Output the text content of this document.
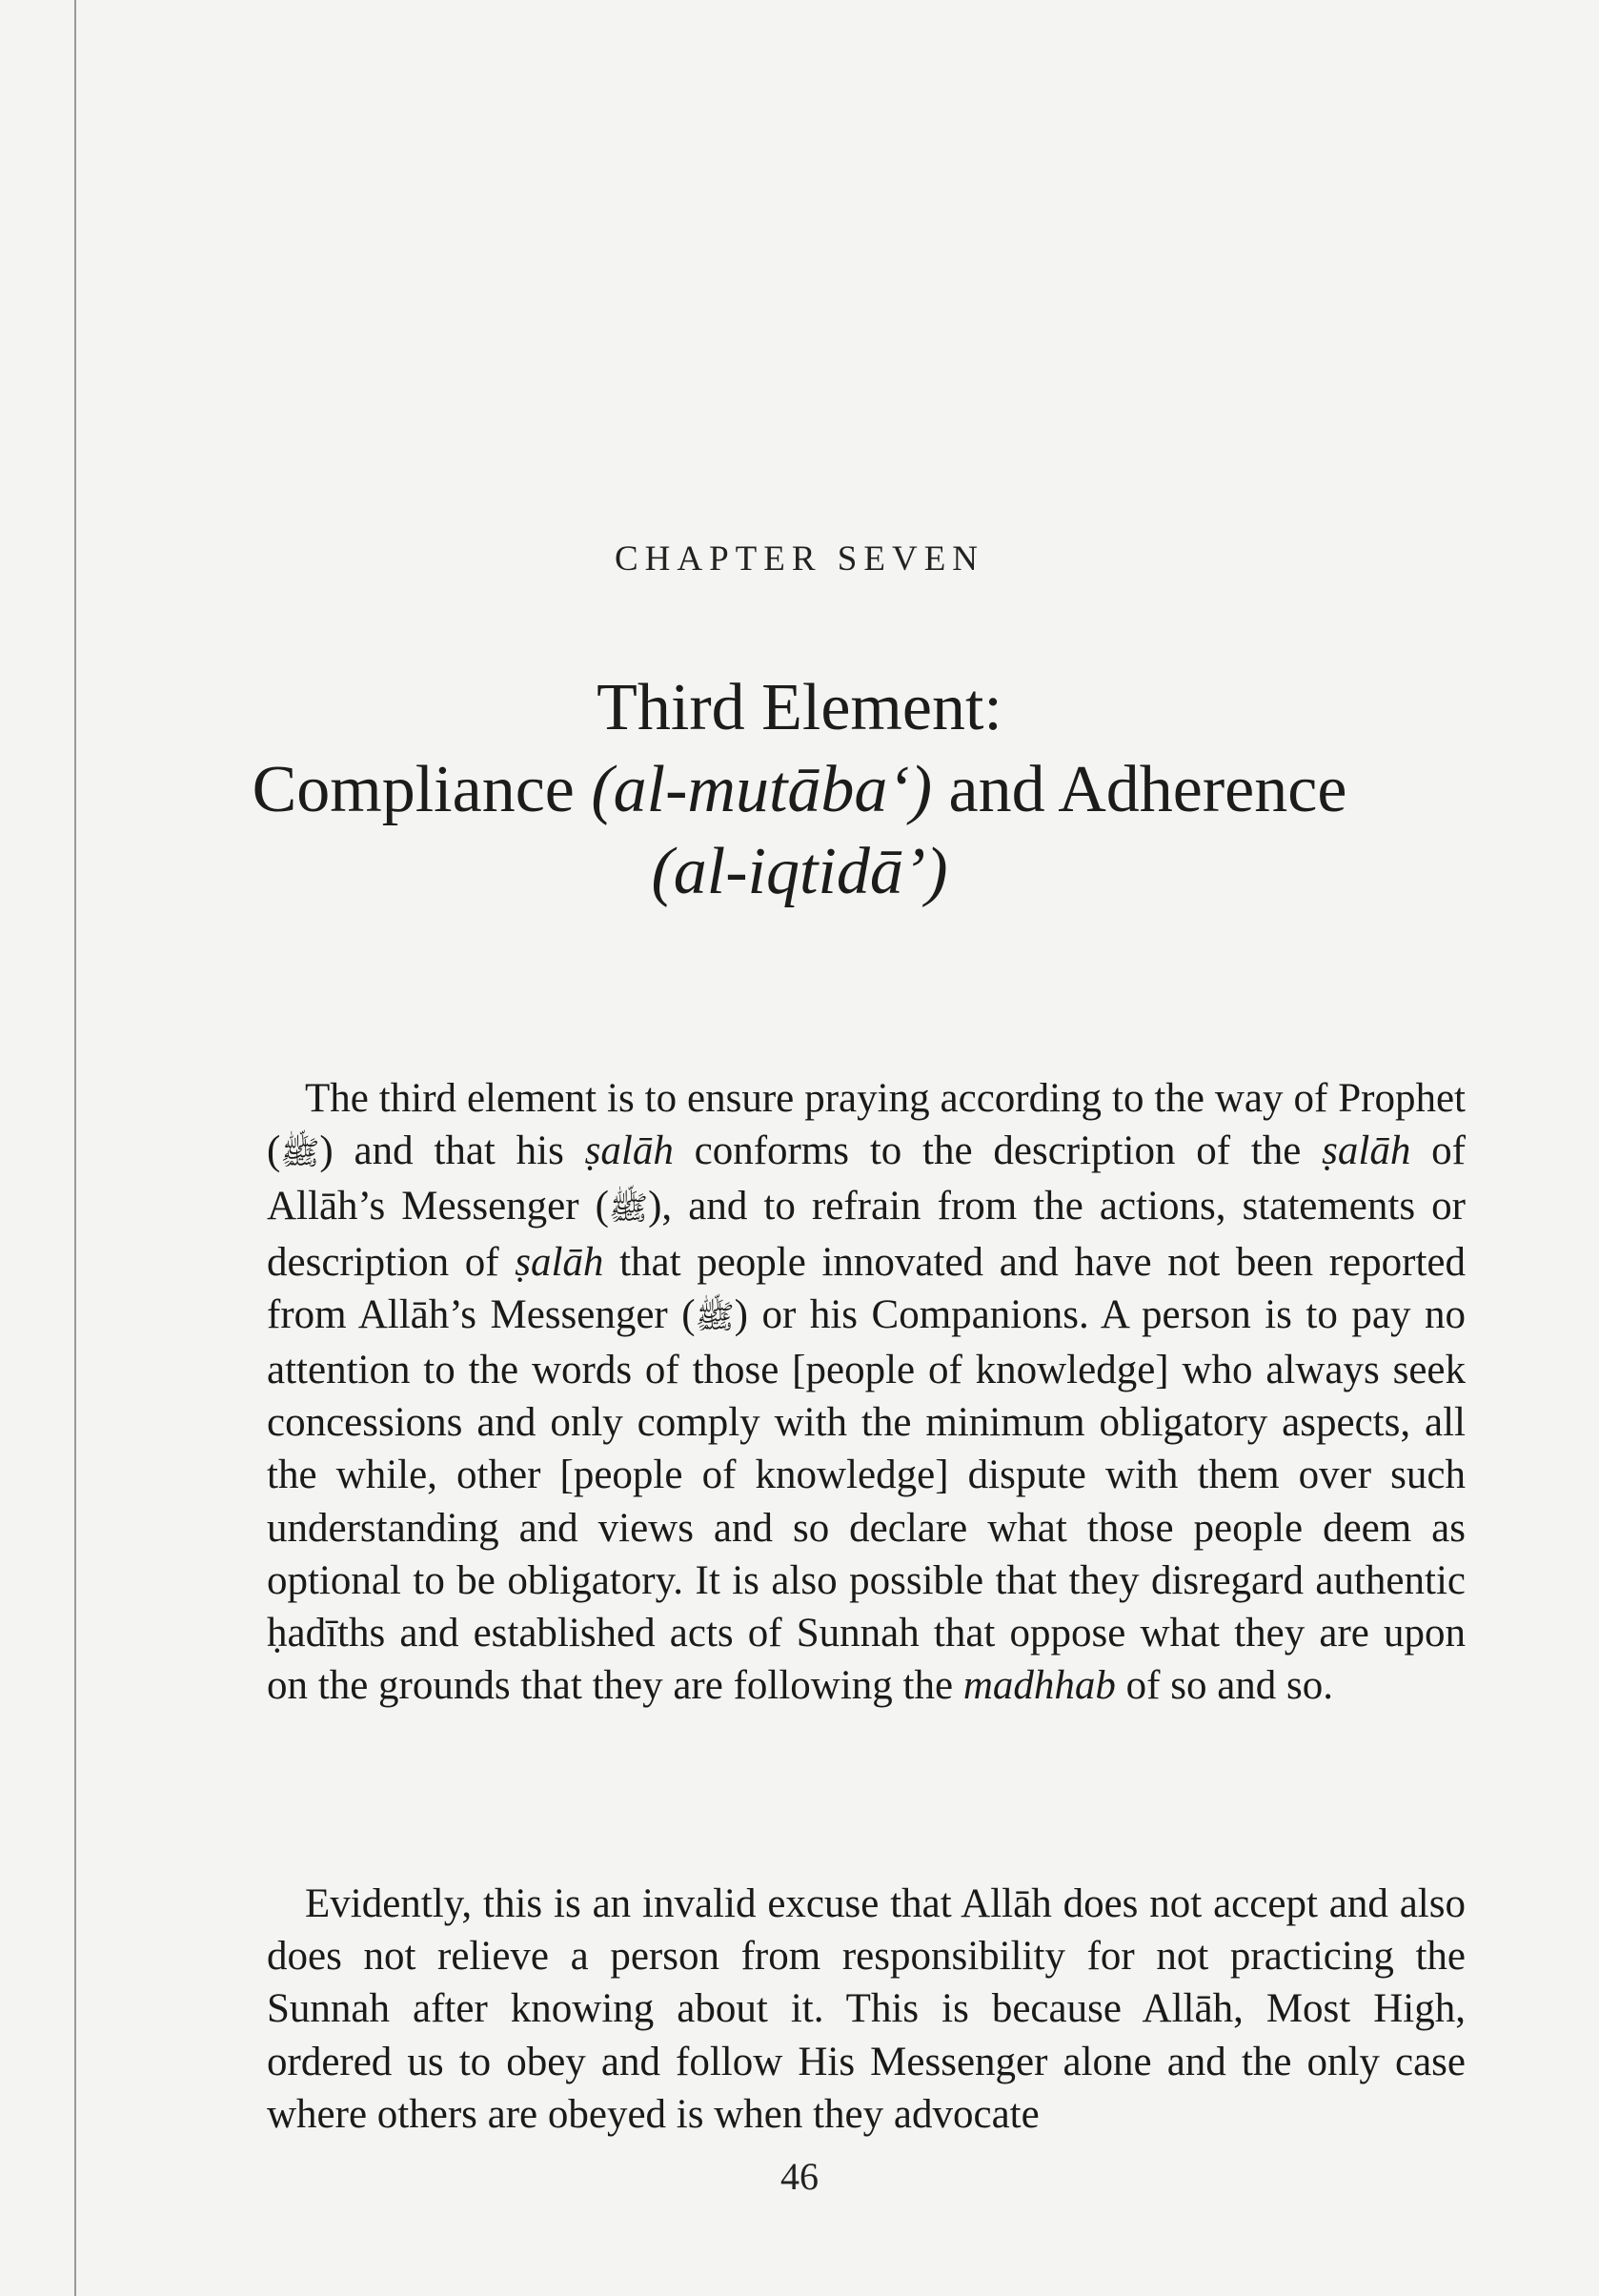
CHAPTER SEVEN
Third Element:
Compliance (al-mutāba‘) and Adherence
(al-iqtidā’)

The third element is to ensure praying according to the way of Prophet (ﷺ) and that his ṣalāh conforms to the description of the ṣalāh of Allāh’s Messenger (ﷺ), and to refrain from the actions, statements or description of ṣalāh that people innovated and have not been reported from Allāh’s Messenger (ﷺ) or his Companions. A person is to pay no attention to the words of those [people of knowledge] who always seek concessions and only comply with the minimum obligatory aspects, all the while, other [people of knowledge] dispute with them over such understanding and views and so declare what those people deem as optional to be obligatory. It is also possible that they disregard authentic ḥadīths and established acts of Sunnah that oppose what they are upon on the grounds that they are following the madhhab of so and so.

Evidently, this is an invalid excuse that Allāh does not accept and also does not relieve a person from responsibility for not practicing the Sunnah after knowing about it. This is because Allāh, Most High, ordered us to obey and follow His Messenger alone and the only case where others are obeyed is when they advocate

46
